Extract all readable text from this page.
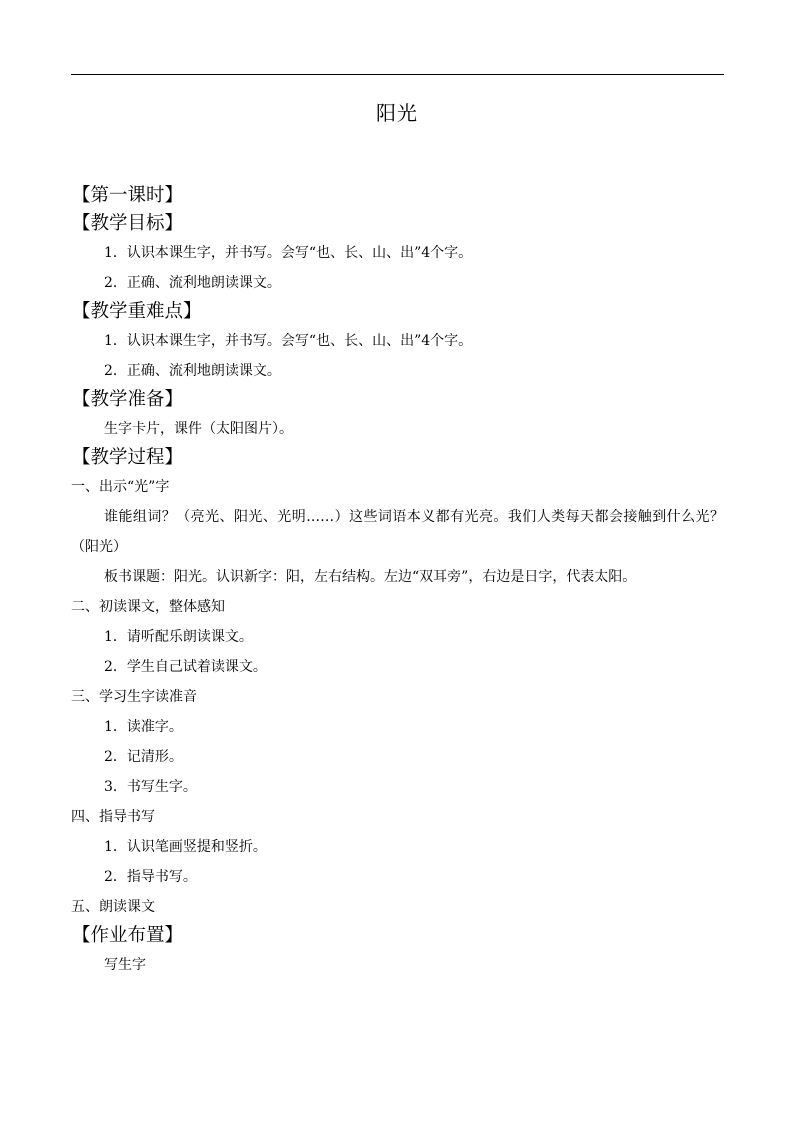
阳光
【第一课时】
【教学目标】
1．认识本课生字，并书写。会写“也、长、山、出”4个字。
2．正确、流利地朗读课文。
【教学重难点】
1．认识本课生字，并书写。会写“也、长、山、出”4个字。
2．正确、流利地朗读课文。
【教学准备】
生字卡片，课件（太阳图片）。
【教学过程】
一、出示“光”字
谁能组词？（亮光、阳光、光明……）这些词语本义都有光亮。我们人类每天都会接触到什么光？（阳光）
板书课题：阳光。认识新字：阳，左右结构。左边“双耳旁”，右边是日字，代表太阳。
二、初读课文，整体感知
1．请听配乐朗读课文。
2．学生自己试着读课文。
三、学习生字读准音
1．读准字。
2．记清形。
3．书写生字。
四、指导书写
1．认识笔画竖提和竖折。
2．指导书写。
五、朗读课文
【作业布置】
写生字
